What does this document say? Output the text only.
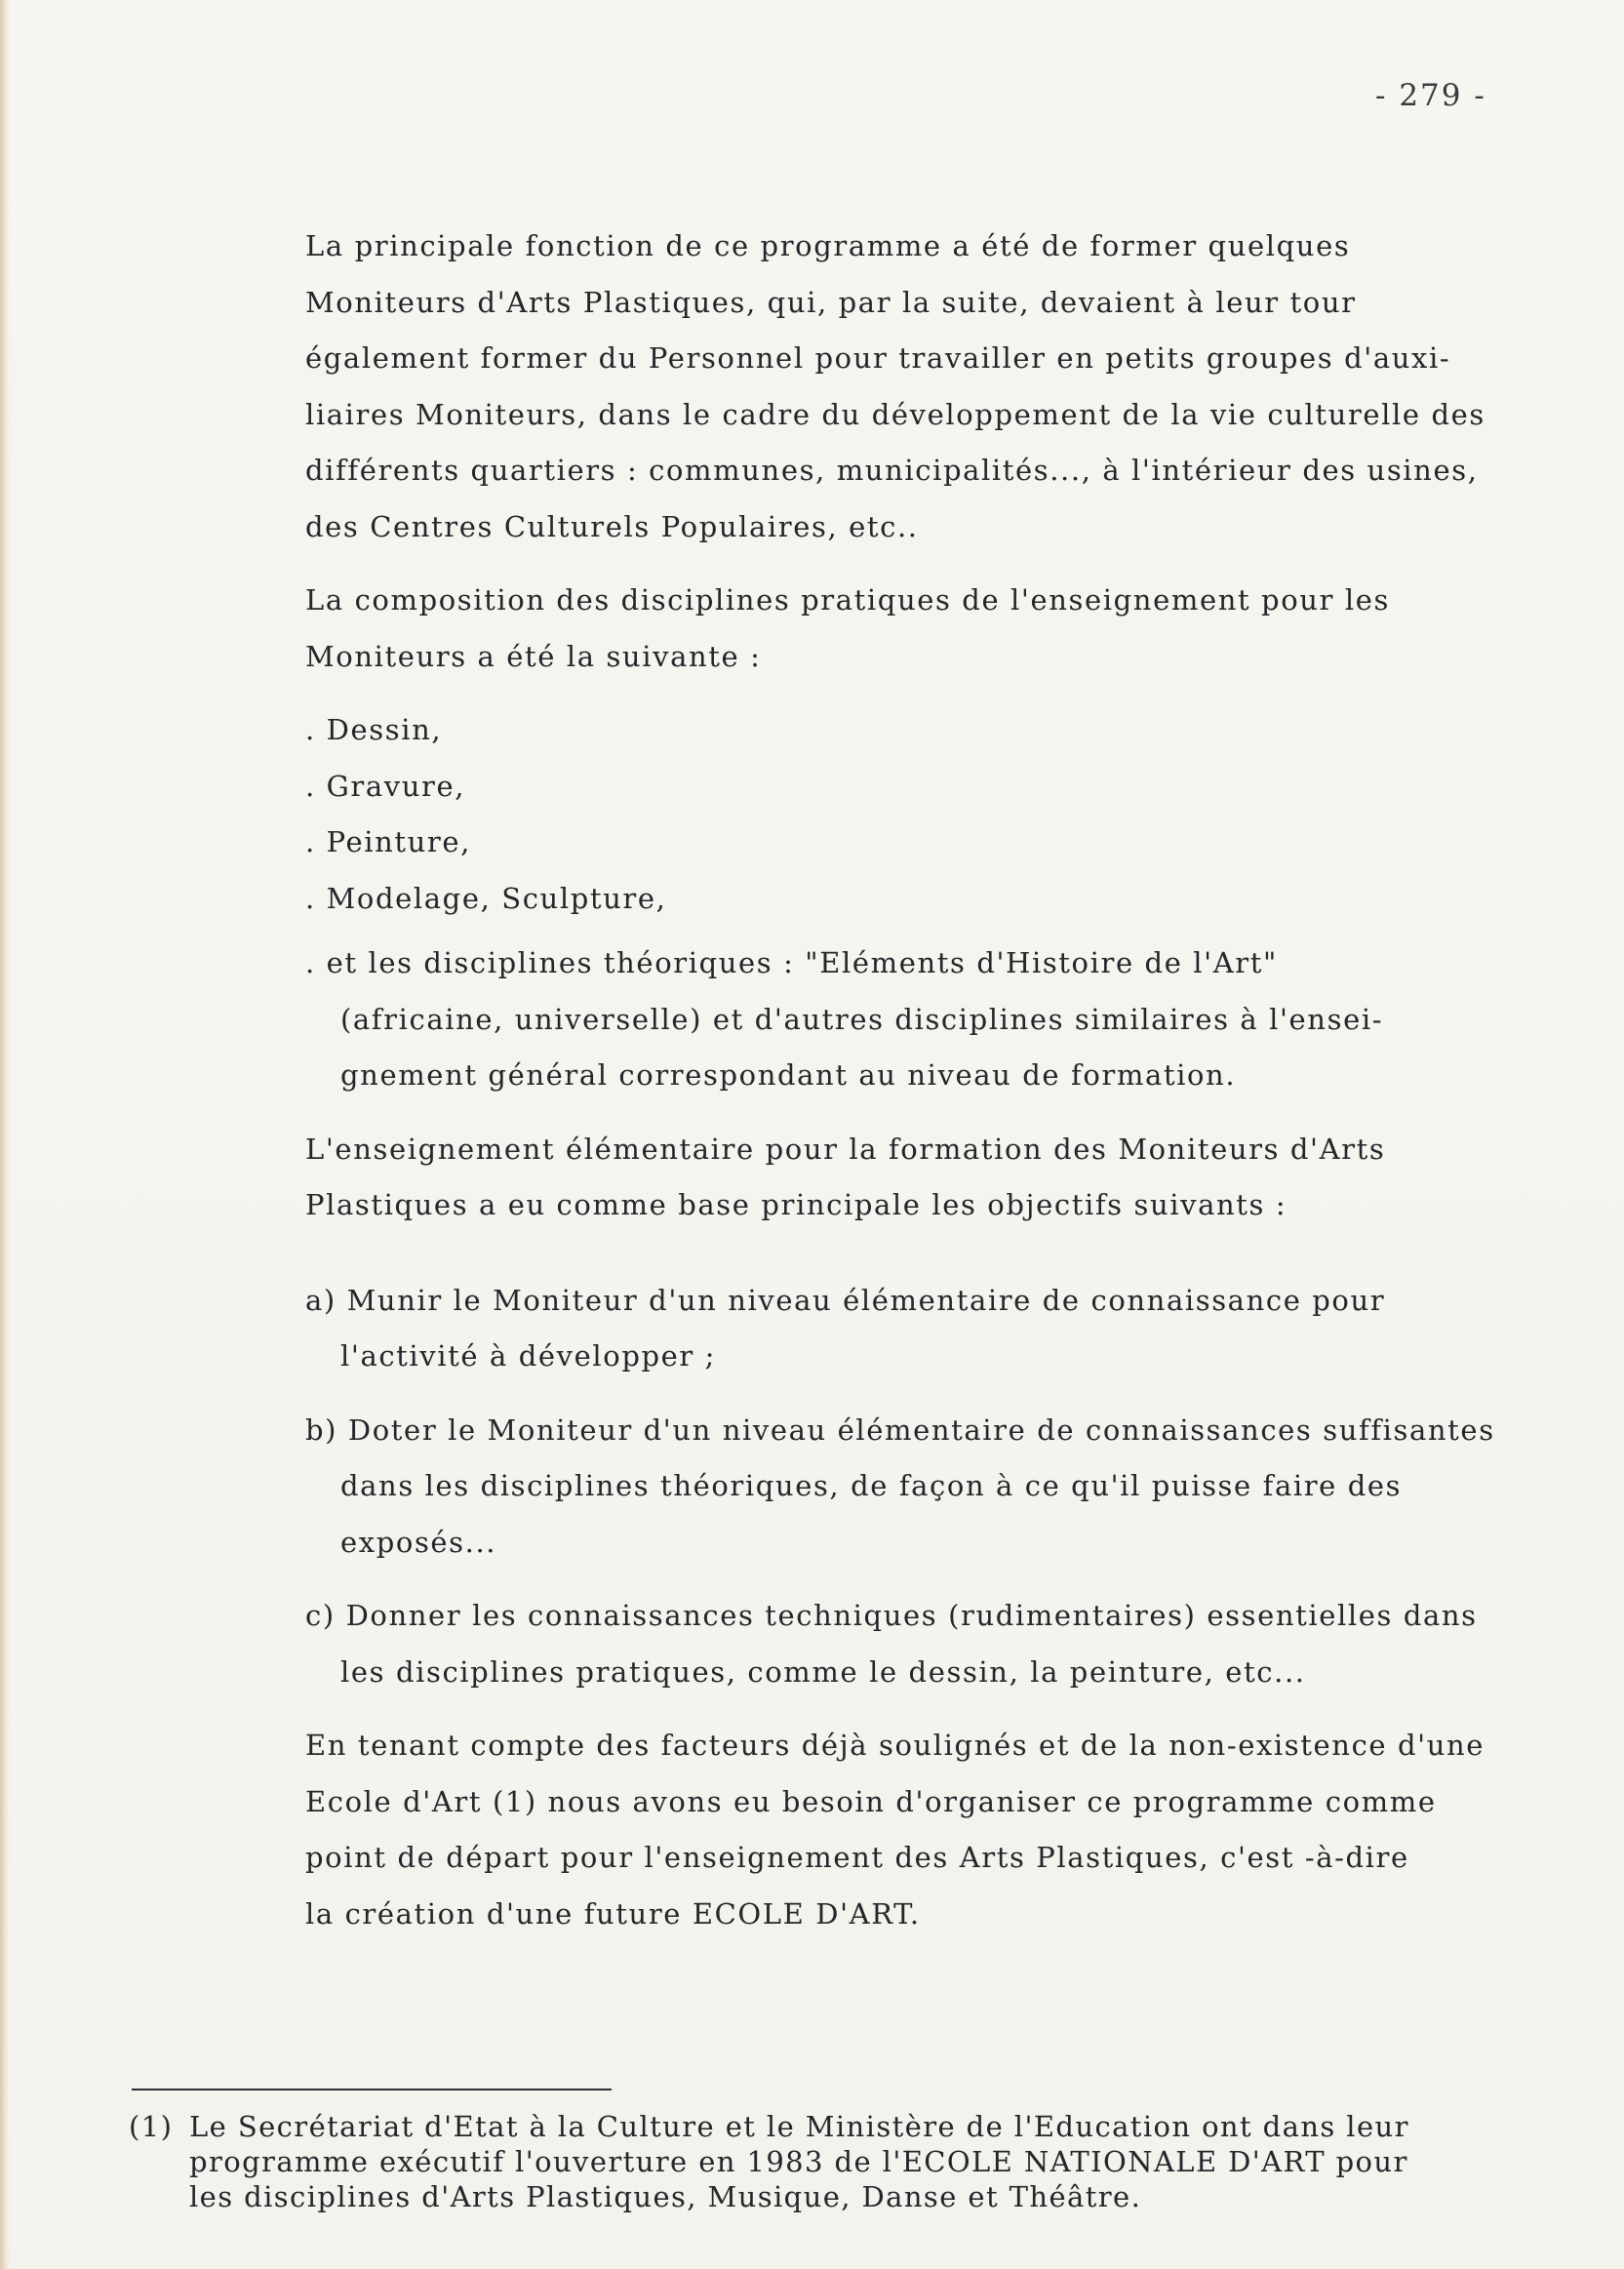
- 279 -

La principale fonction de ce programme a été de former quelques

Moniteurs d'Arts Plastiques, qui, par la suite, devaient à leur tour

également former du Personnel pour travailler en petits groupes d'auxi-

liaires Moniteurs, dans le cadre du développement de la vie culturelle des

différents quartiers : communes, municipalités..., à l'intérieur des usines,

des Centres Culturels Populaires, etc..

La composition des disciplines pratiques de l'enseignement pour les

Moniteurs a été la suivante :

. Dessin,

. Gravure,

. Peinture,

. Modelage, Sculpture,

. et les disciplines théoriques : "Eléments d'Histoire de l'Art"

(africaine, universelle) et d'autres disciplines similaires à l'ensei-

gnement général correspondant au niveau de formation.

L'enseignement élémentaire pour la formation des Moniteurs d'Arts

Plastiques a eu comme base principale les objectifs suivants :

a) Munir le Moniteur d'un niveau élémentaire de connaissance pour

l'activité à développer ;

b) Doter le Moniteur d'un niveau élémentaire de connaissances suffisantes

dans les disciplines théoriques, de façon à ce qu'il puisse faire des

exposés...

c) Donner les connaissances techniques (rudimentaires) essentielles dans

les disciplines pratiques, comme le dessin, la peinture, etc...

En tenant compte des facteurs déjà soulignés et de la non-existence d'une

Ecole d'Art (1) nous avons eu besoin d'organiser ce programme comme

point de départ pour l'enseignement des Arts Plastiques, c'est -à-dire

la création d'une future ECOLE D'ART.

(1) Le Secrétariat d'Etat à la Culture et le Ministère de l'Education ont dans leur
programme exécutif l'ouverture en 1983 de l'ECOLE NATIONALE D'ART pour
les disciplines d'Arts Plastiques, Musique, Danse et Théâtre.
